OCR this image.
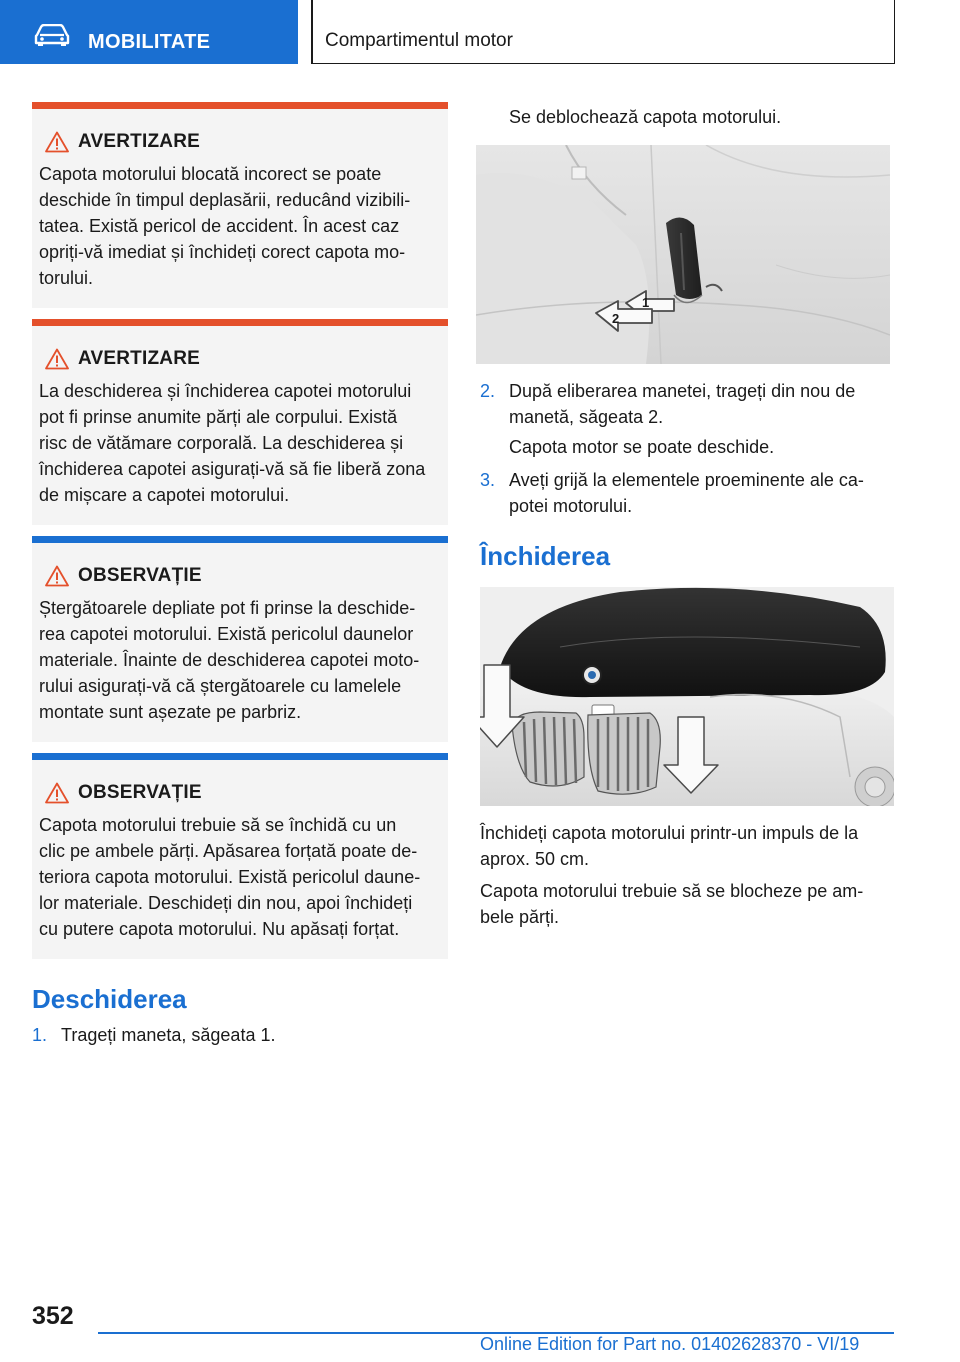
MOBILITATE	Compartimentul motor
AVERTIZARE

Capota motorului blocată incorect se poate
deschide în timpul deplasării, reducând vizibili-
tatea. Există pericol de accident. În acest caz
opriți-vă imediat și închideți corect capota mo-
torului.

AVERTIZARE

La deschiderea și închiderea capotei motorului
pot fi prinse anumite părți ale corpului. Există
risc de vătămare corporală. La deschiderea și
închiderea capotei asigurați-vă să fie liberă zona
de mișcare a capotei motorului.

OBSERVAȚIE

Ștergătoarele depliate pot fi prinse la deschide-
rea capotei motorului. Există pericolul daunelor
materiale. Înainte de deschiderea capotei moto-
rului asigurați-vă că ștergătoarele cu lamelele
montate sunt așezate pe parbriz.

OBSERVAȚIE

Capota motorului trebuie să se închidă cu un
clic pe ambele părți. Apăsarea forțată poate de-
teriora capota motorului. Există pericolul daune-
lor materiale. Deschideți din nou, apoi închideți
cu putere capota motorului. Nu apăsați forțat.

Deschiderea
1. Trageți maneta, săgeata 1.

Se deblochează capota motorului.

1
2
2. După eliberarea manetei, trageți din nou de
manetă, săgeata 2.

Capota motor se poate deschide.

3. Aveți grijă la elementele proeminente ale ca-
potei motorului.
Închiderea

Închideți capota motorului printr-un impuls de la
aprox. 50 cm.

Capota motorului trebuie să se blocheze pe am-
bele părți.

352
Online Edition for Part no. 01402628370 - VI/19
